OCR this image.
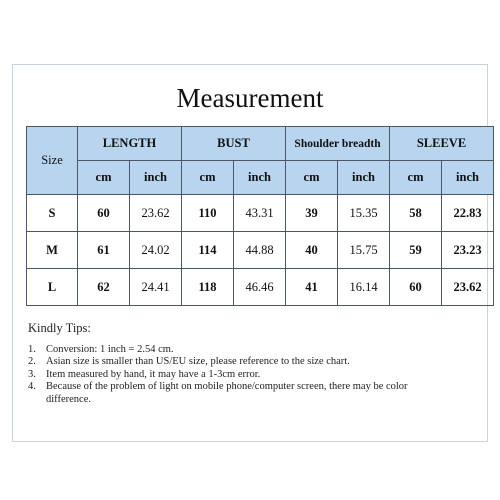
Measurement
Size	LENGTH		BUST		Shoulder breadth		SLEEVE	
	cm	inch	cm	inch	cm	inch	cm	inch
S	60	23.62	110	43.31	39	15.35	58	22.83
M	61	24.02	114	44.88	40	15.75	59	23.23
L	62	24.41	118	46.46	41	16.14	60	23.62
Kindly Tips:
1. Conversion: 1 inch = 2.54 cm.
2. Asian size is smaller than US/EU size, please reference to the size chart.
3. Item measured by hand, it may have a 1-3cm error.
4. Because of the problem of light on mobile phone/computer screen, there may be color difference.
